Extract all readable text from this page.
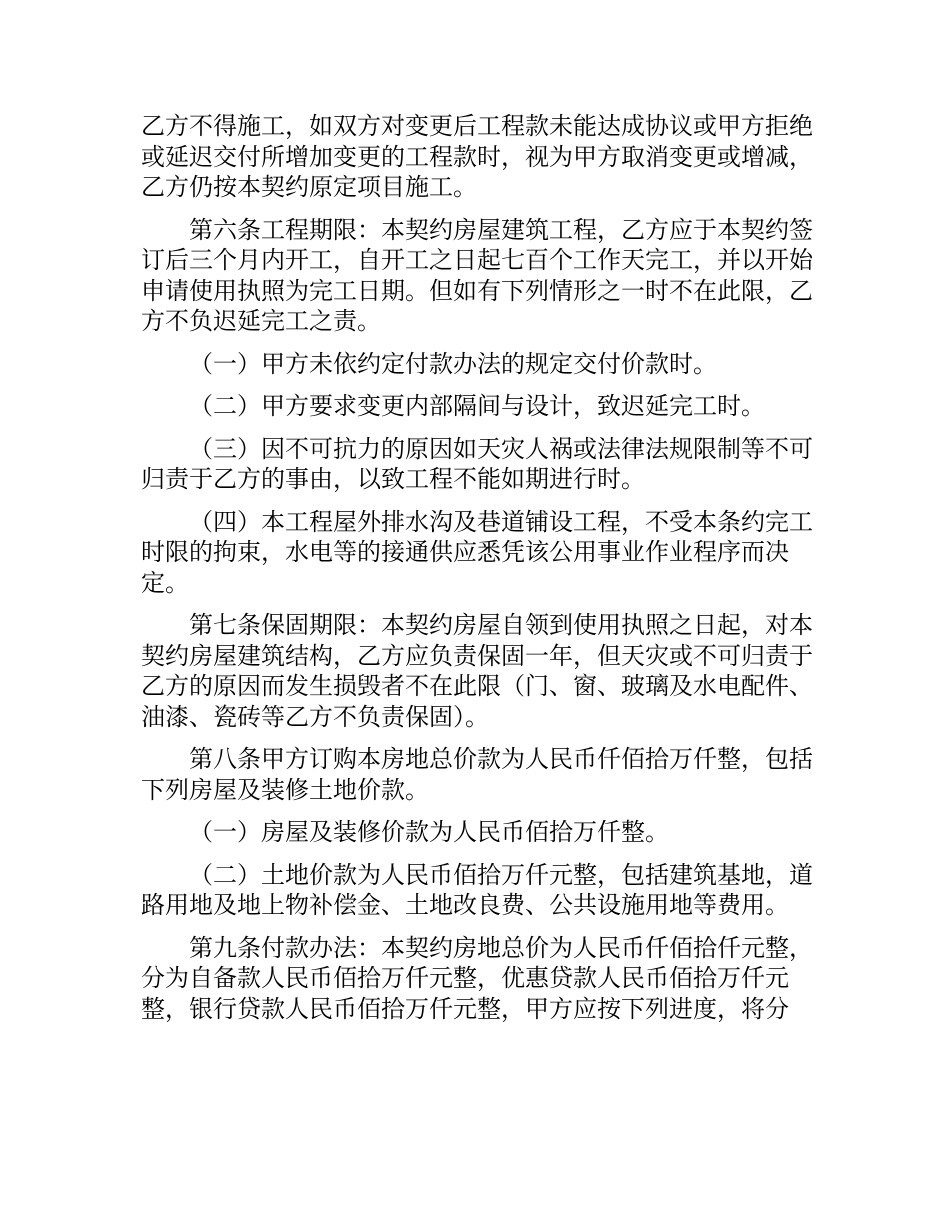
乙方不得施工，如双方对变更后工程款未能达成协议或甲方拒绝或延迟交付所增加变更的工程款时，视为甲方取消变更或增减，乙方仍按本契约原定项目施工。

第六条工程期限：本契约房屋建筑工程，乙方应于本契约签订后三个月内开工，自开工之日起七百个工作天完工，并以开始申请使用执照为完工日期。但如有下列情形之一时不在此限，乙方不负迟延完工之责。

（一）甲方未依约定付款办法的规定交付价款时。

（二）甲方要求变更内部隔间与设计，致迟延完工时。

（三）因不可抗力的原因如天灾人祸或法律法规限制等不可归责于乙方的事由，以致工程不能如期进行时。

（四）本工程屋外排水沟及巷道铺设工程，不受本条约完工时限的拘束，水电等的接通供应悉凭该公用事业作业程序而决定。

第七条保固期限：本契约房屋自领到使用执照之日起，对本契约房屋建筑结构，乙方应负责保固一年，但天灾或不可归责于乙方的原因而发生损毁者不在此限（门、窗、玻璃及水电配件、油漆、瓷砖等乙方不负责保固）。

第八条甲方订购本房地总价款为人民币仟佰拾万仟整，包括下列房屋及装修土地价款。

（一）房屋及装修价款为人民币佰拾万仟整。

（二）土地价款为人民币佰拾万仟元整，包括建筑基地，道路用地及地上物补偿金、土地改良费、公共设施用地等费用。

第九条付款办法：本契约房地总价为人民币仟佰拾仟元整，分为自备款人民币佰拾万仟元整，优惠贷款人民币佰拾万仟元整，银行贷款人民币佰拾万仟元整，甲方应按下列进度，将分
